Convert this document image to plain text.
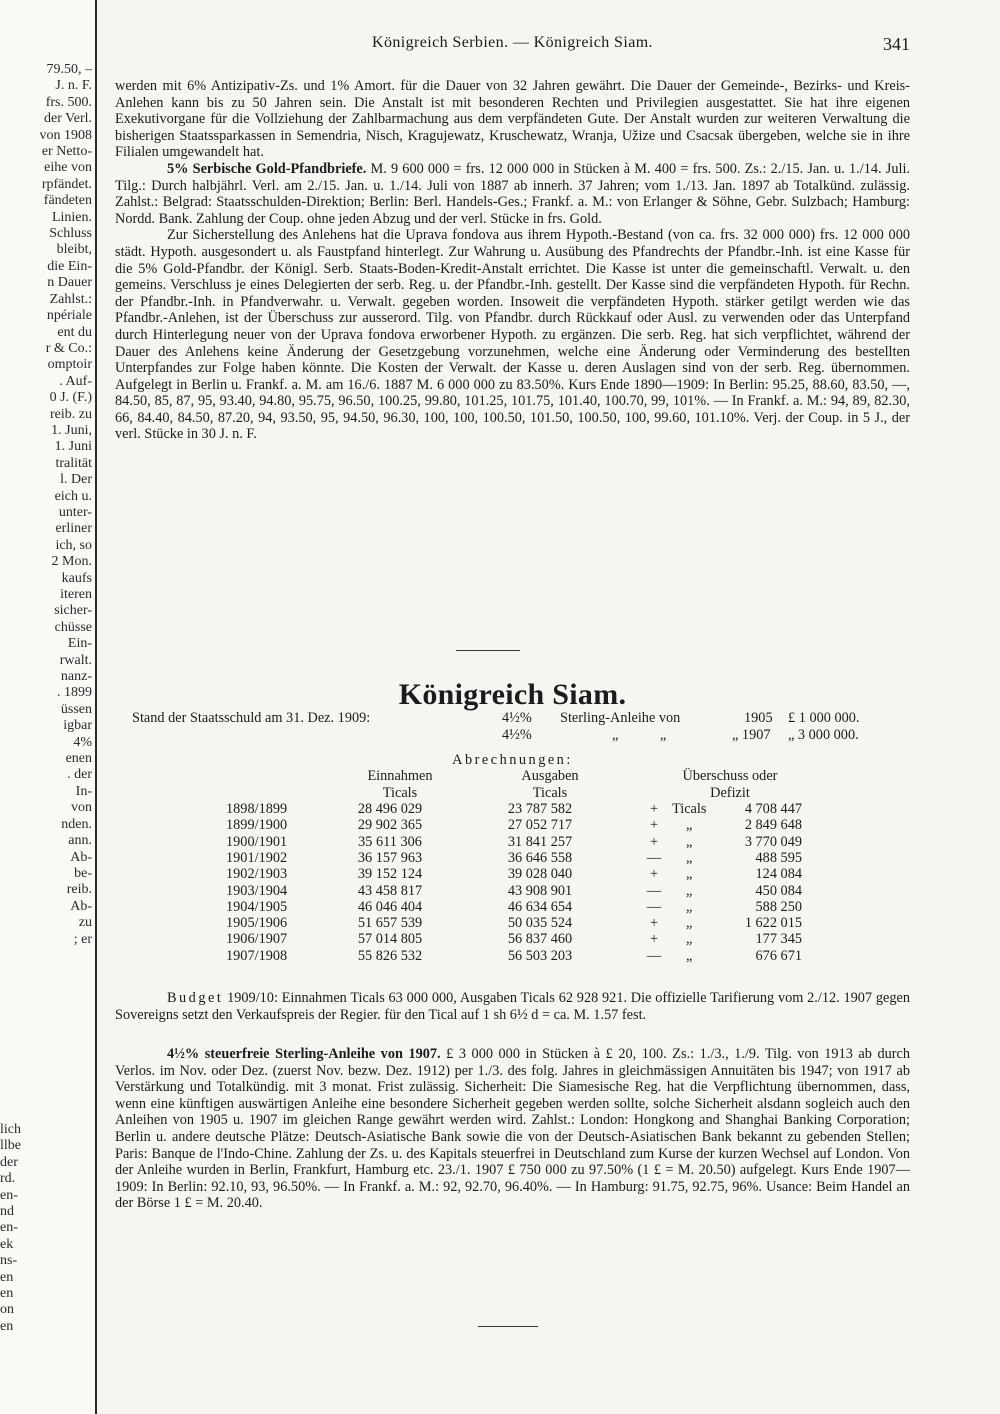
79.50, –
J. n. F.
frs. 500.
der Verl.
von 1908
er Netto-
eihe von
rpfändet.
fändeten
Linien.
Schluss
bleibt,
die Ein-
n Dauer
Zahlst.:
npériale
ent du
r & Co.:
omptoir
. Auf-
0 J. (F.)
reib. zu
1. Juni,
1. Juni
tralität
l. Der
eich u.
unter-
erliner
ich, so
2 Mon.
kaufs
iteren
sicher-
chüsse
Ein-
rwalt.
nanz-
. 1899
üssen
igbar
4%
enen
. der
In-
von
nden.
ann.
Ab-
be-
reib.
Ab-
zu
; er
lich
llbe
der
rd.
en-
nd
en-
ek
ns-
en
en
on
en
Königreich Serbien. — Königreich Siam.	341

werden mit 6% Antizipativ-Zs. und 1% Amort. für die Dauer von 32 Jahren gewährt. Die Dauer der Gemeinde-, Bezirks- und Kreis-Anlehen kann bis zu 50 Jahren sein. Die Anstalt ist mit besonderen Rechten und Privilegien ausgestattet. Sie hat ihre eigenen Exekutivorgane für die Vollziehung der Zahlbarmachung aus dem verpfändeten Gute. Der Anstalt wurden zur weiteren Verwaltung die bisherigen Staatssparkassen in Semendria, Nisch, Kragujewatz, Kruschewatz, Wranja, Užize und Csacsak übergeben, welche sie in ihre Filialen umgewandelt hat.

5% Serbische Gold-Pfandbriefe. M. 9 600 000 = frs. 12 000 000 in Stücken à M. 400 = frs. 500. Zs.: 2./15. Jan. u. 1./14. Juli. Tilg.: Durch halbjährl. Verl. am 2./15. Jan. u. 1./14. Juli von 1887 ab innerh. 37 Jahren; vom 1./13. Jan. 1897 ab Totalkünd. zulässig. Zahlst.: Belgrad: Staatsschulden-Direktion; Berlin: Berl. Handels-Ges.; Frankf. a. M.: von Erlanger & Söhne, Gebr. Sulzbach; Hamburg: Nordd. Bank. Zahlung der Coup. ohne jeden Abzug und der verl. Stücke in frs. Gold.

Zur Sicherstellung des Anlehens hat die Uprava fondova aus ihrem Hypoth.-Bestand (von ca. frs. 32 000 000) frs. 12 000 000 städt. Hypoth. ausgesondert u. als Faustpfand hinterlegt. Zur Wahrung u. Ausübung des Pfandrechts der Pfandbr.-Inh. ist eine Kasse für die 5% Gold-Pfandbr. der Königl. Serb. Staats-Boden-Kredit-Anstalt errichtet. Die Kasse ist unter die gemeinschaftl. Verwalt. u. den gemeins. Verschluss je eines Delegierten der serb. Reg. u. der Pfandbr.-Inh. gestellt. Der Kasse sind die verpfändeten Hypoth. für Rechn. der Pfandbr.-Inh. in Pfandverwahr. u. Verwalt. gegeben worden. Insoweit die verpfändeten Hypoth. stärker getilgt werden wie das Pfandbr.-Anlehen, ist der Überschuss zur ausserord. Tilg. von Pfandbr. durch Rückkauf oder Ausl. zu verwenden oder das Unterpfand durch Hinterlegung neuer von der Uprava fondova erworbener Hypoth. zu ergänzen. Die serb. Reg. hat sich verpflichtet, während der Dauer des Anlehens keine Änderung der Gesetzgebung vorzunehmen, welche eine Änderung oder Verminderung des bestellten Unterpfandes zur Folge haben könnte. Die Kosten der Verwalt. der Kasse u. deren Auslagen sind von der serb. Reg. übernommen. Aufgelegt in Berlin u. Frankf. a. M. am 16./6. 1887 M. 6 000 000 zu 83.50%. Kurs Ende 1890—1909: In Berlin: 95.25, 88.60, 83.50, —, 84.50, 85, 87, 95, 93.40, 94.80, 95.75, 96.50, 100.25, 99.80, 101.25, 101.75, 101.40, 100.70, 99, 101%. — In Frankf. a. M.: 94, 89, 82.30, 66, 84.40, 84.50, 87.20, 94, 93.50, 95, 94.50, 96.30, 100, 100, 100.50, 101.50, 100.50, 100, 99.60, 101.10%. Verj. der Coup. in 5 J., der verl. Stücke in 30 J. n. F.

Königreich Siam.
Stand der Staatsschuld am 31. Dez. 1909:	4½% Sterling-Anleihe von	1905 £ 1 000 000.
4½%	„ „	„ 1907 „ 3 000 000.
Abrechnungen:
Einnahmen
Ticals
Ausgaben
Ticals
Überschuss oder
Defizit
1898/1899	28 496 029	23 787 582	+ Ticals	4 708 447
1899/1900	29 902 365	27 052 717	+	„	2 849 648
1900/1901	35 611 306	31 841 257	+	„	3 770 049
1901/1902	36 157 963	36 646 558	— „	488 595
1902/1903	39 152 124	39 028 040	+	„	124 084
1903/1904	43 458 817	43 908 901	— „	450 084
1904/1905	46 046 404	46 634 654	— „	588 250
1905/1906	51 657 539	50 035 524	+	„	1 622 015
1906/1907	57 014 805	56 837 460	+	„	177 345
1907/1908	55 826 532	56 503 203	— „	676 671

Budget 1909/10: Einnahmen Ticals 63 000 000, Ausgaben Ticals 62 928 921. Die offizielle Tarifierung vom 2./12. 1907 gegen Sovereigns setzt den Verkaufspreis der Regier. für den Tical auf 1 sh 6½ d = ca. M. 1.57 fest.

4½% steuerfreie Sterling-Anleihe von 1907. £ 3 000 000 in Stücken à £ 20, 100. Zs.: 1./3., 1./9. Tilg. von 1913 ab durch Verlos. im Nov. oder Dez. (zuerst Nov. bezw. Dez. 1912) per 1./3. des folg. Jahres in gleichmässigen Annuitäten bis 1947; von 1917 ab Verstärkung und Totalkündig. mit 3 monat. Frist zulässig. Sicherheit: Die Siamesische Reg. hat die Verpflichtung übernommen, dass, wenn eine künftigen auswärtigen Anleihe eine besondere Sicherheit gegeben werden sollte, solche Sicherheit alsdann sogleich auch den Anleihen von 1905 u. 1907 im gleichen Range gewährt werden wird. Zahlst.: London: Hongkong and Shanghai Banking Corporation; Berlin u. andere deutsche Plätze: Deutsch-Asiatische Bank sowie die von der Deutsch-Asiatischen Bank bekannt zu gebenden Stellen; Paris: Banque de l'Indo-Chine. Zahlung der Zs. u. des Kapitals steuerfrei in Deutschland zum Kurse der kurzen Wechsel auf London. Von der Anleihe wurden in Berlin, Frankfurt, Hamburg etc. 23./1. 1907 £ 750 000 zu 97.50% (1 £ = M. 20.50) aufgelegt. Kurs Ende 1907—1909: In Berlin: 92.10, 93, 96.50%. — In Frankf. a. M.: 92, 92.70, 96.40%. — In Hamburg: 91.75, 92.75, 96%. Usance: Beim Handel an der Börse 1 £ = M. 20.40.
